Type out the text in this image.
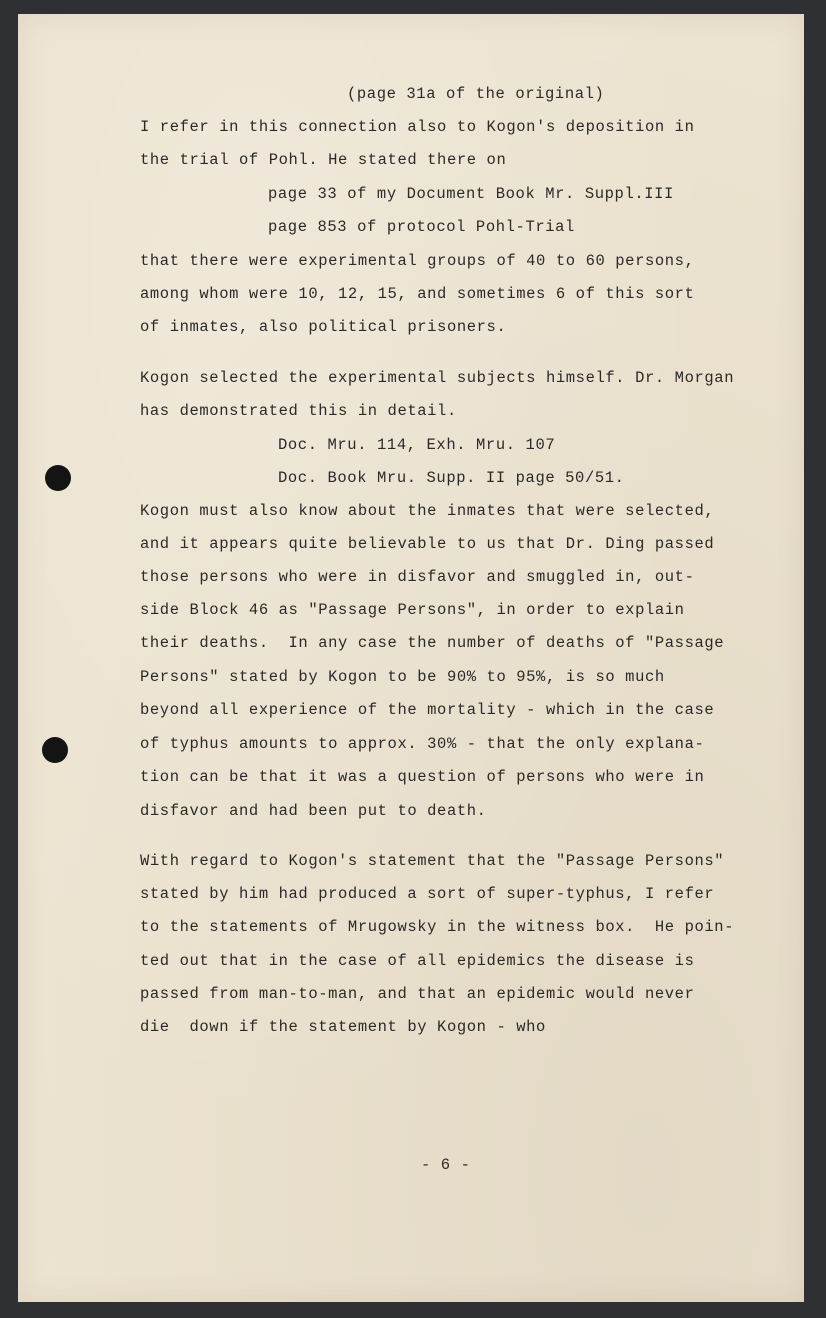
(page 31a of the original)
I refer in this connection also to Kogon's deposition in
the trial of Pohl. He stated there on
page 33 of my Document Book Mr. Suppl.III
page 853 of protocol Pohl-Trial
that there were experimental groups of 40 to 60 persons,
among whom were 10, 12, 15, and sometimes 6 of this sort
of inmates, also political prisoners.
Kogon selected the experimental subjects himself. Dr. Morgan
has demonstrated this in detail.
Doc. Mru. 114, Exh. Mru. 107
Doc. Book Mru. Supp. II page 50/51.
Kogon must also know about the inmates that were selected,
and it appears quite believable to us that Dr. Ding passed
those persons who were in disfavor and smuggled in, out-
side Block 46 as "Passage Persons", in order to explain
their deaths.  In any case the number of deaths of "Passage
Persons" stated by Kogon to be 90% to 95%, is so much
beyond all experience of the mortality - which in the case
of typhus amounts to approx. 30% - that the only explana-
tion can be that it was a question of persons who were in
disfavor and had been put to death.
With regard to Kogon's statement that the "Passage Persons"
stated by him had produced a sort of super-typhus, I refer
to the statements of Mrugowsky in the witness box.  He poin-
ted out that in the case of all epidemics the disease is
passed from man-to-man, and that an epidemic would never
die  down if the statement by Kogon - who
- 6 -
